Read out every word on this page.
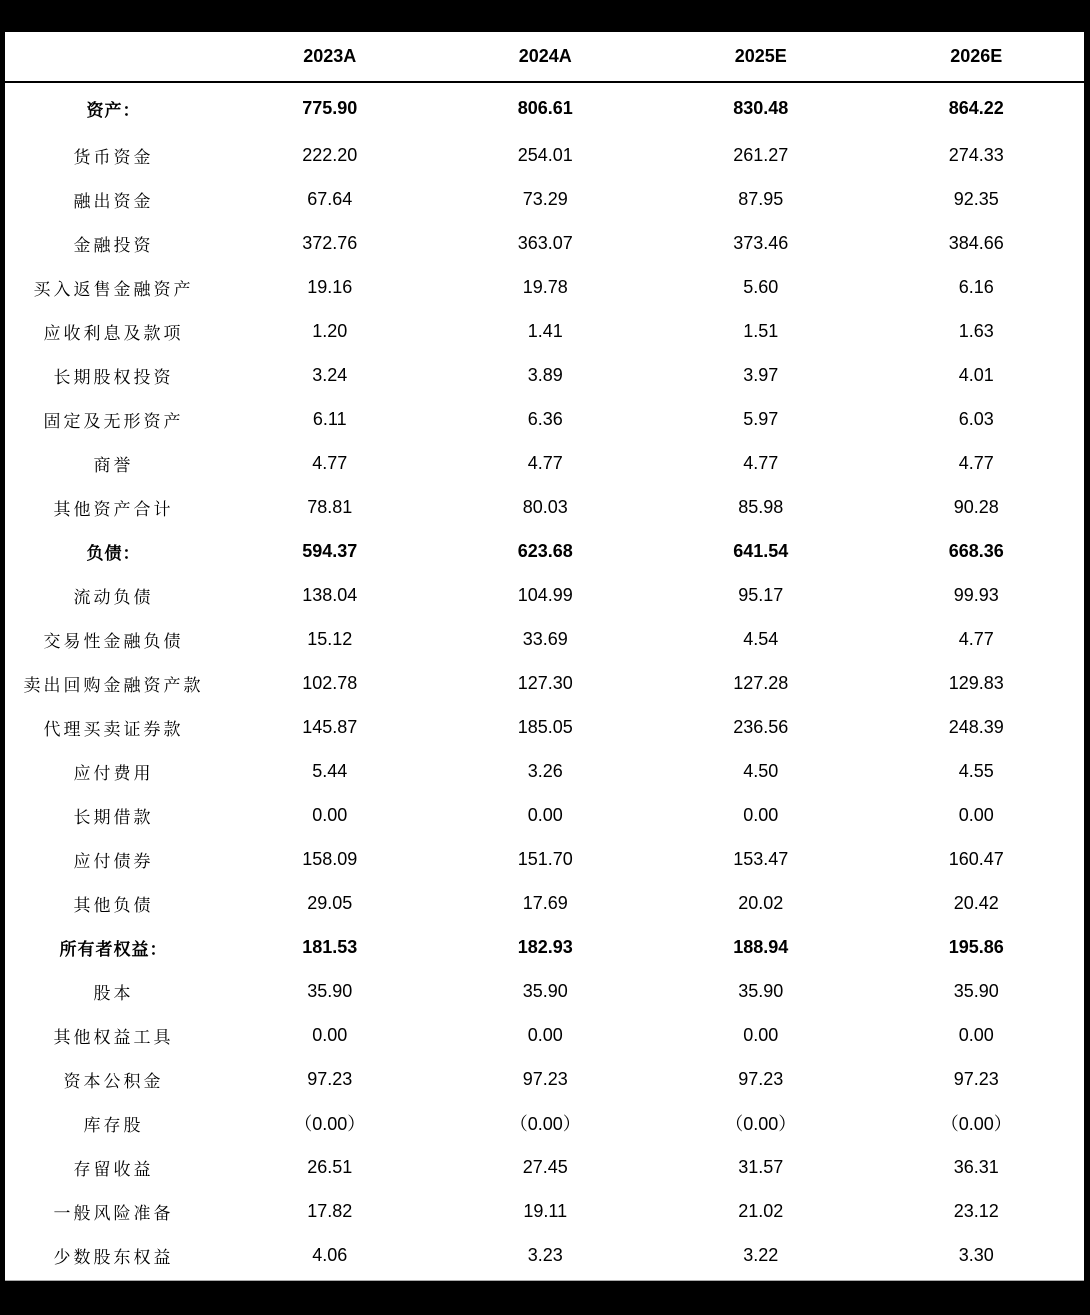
	2023A	2024A	2025E	2026E
资产：	775.90	806.61	830.48	864.22
货币资金	222.20	254.01	261.27	274.33
融出资金	67.64	73.29	87.95	92.35
金融投资	372.76	363.07	373.46	384.66
买入返售金融资产	19.16	19.78	5.60	6.16
应收利息及款项	1.20	1.41	1.51	1.63
长期股权投资	3.24	3.89	3.97	4.01
固定及无形资产	6.11	6.36	5.97	6.03
商誉	4.77	4.77	4.77	4.77
其他资产合计	78.81	80.03	85.98	90.28
负债：	594.37	623.68	641.54	668.36
流动负债	138.04	104.99	95.17	99.93
交易性金融负债	15.12	33.69	4.54	4.77
卖出回购金融资产款	102.78	127.30	127.28	129.83
代理买卖证券款	145.87	185.05	236.56	248.39
应付费用	5.44	3.26	4.50	4.55
长期借款	0.00	0.00	0.00	0.00
应付债券	158.09	151.70	153.47	160.47
其他负债	29.05	17.69	20.02	20.42
所有者权益：	181.53	182.93	188.94	195.86
股本	35.90	35.90	35.90	35.90
其他权益工具	0.00	0.00	0.00	0.00
资本公积金	97.23	97.23	97.23	97.23
库存股	（0.00）	（0.00）	（0.00）	（0.00）
存留收益	26.51	27.45	31.57	36.31
一般风险准备	17.82	19.11	21.02	23.12
少数股东权益	4.06	3.23	3.22	3.30
